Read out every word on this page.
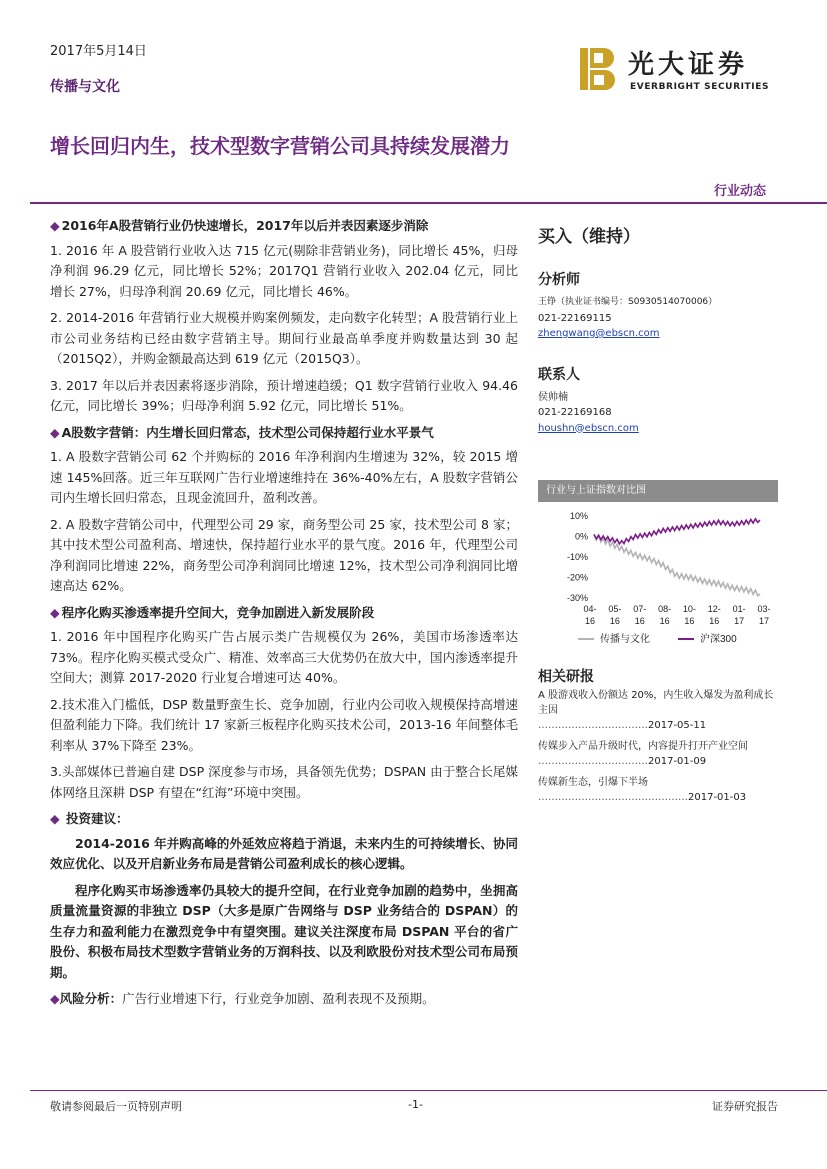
2017年5月14日
传播与文化
光大证券
EVERBRIGHT SECURITIES
增长回归内生，技术型数字营销公司具持续发展潜力
行业动态
◆ 2016年A股营销行业仍快速增长，2017年以后并表因素逐步消除

1. 2016 年 A 股营销行业收入达 715 亿元(剔除非营销业务)，同比增长 45%，归母净利润 96.29 亿元，同比增长 52%；2017Q1 营销行业收入 202.04 亿元，同比增长 27%，归母净利润 20.69 亿元，同比增长 46%。

2. 2014-2016 年营销行业大规模并购案例频发，走向数字化转型；A 股营销行业上市公司业务结构已经由数字营销主导。期间行业最高单季度并购数量达到 30 起（2015Q2），并购金额最高达到 619 亿元（2015Q3）。

3. 2017 年以后并表因素将逐步消除，预计增速趋缓；Q1 数字营销行业收入 94.46 亿元，同比增长 39%；归母净利润 5.92 亿元，同比增长 51%。

◆ A股数字营销：内生增长回归常态，技术型公司保持超行业水平景气

1. A 股数字营销公司 62 个并购标的 2016 年净利润内生增速为 32%，较 2015 增速 145%回落。近三年互联网广告行业增速维持在 36%-40%左右，A 股数字营销公司内生增长回归常态，且现金流回升，盈利改善。

2. A 股数字营销公司中，代理型公司 29 家，商务型公司 25 家，技术型公司 8 家；其中技术型公司盈利高、增速快，保持超行业水平的景气度。2016 年，代理型公司净利润同比增速 22%，商务型公司净利润同比增速 12%，技术型公司净利润同比增速高达 62%。

◆ 程序化购买渗透率提升空间大，竞争加剧进入新发展阶段

1. 2016 年中国程序化购买广告占展示类广告规模仅为 26%，美国市场渗透率达 73%。程序化购买模式受众广、精准、效率高三大优势仍在放大中，国内渗透率提升空间大；测算 2017-2020 行业复合增速可达 40%。

2.技术准入门槛低，DSP 数量野蛮生长、竞争加剧，行业内公司收入规模保持高增速但盈利能力下降。我们统计 17 家新三板程序化购买技术公司，2013-16 年间整体毛利率从 37%下降至 23%。

3.头部媒体已普遍自建 DSP 深度参与市场，具备领先优势；DSPAN 由于整合长尾媒体网络且深耕 DSP 有望在“红海”环境中突围。

◆ 投资建议：

2014-2016 年并购高峰的外延效应将趋于消退，未来内生的可持续增长、协同效应优化、以及开启新业务布局是营销公司盈利成长的核心逻辑。

程序化购买市场渗透率仍具较大的提升空间，在行业竞争加剧的趋势中，坐拥高质量流量资源的非独立 DSP（大多是原广告网络与 DSP 业务结合的 DSPAN）的生存力和盈利能力在激烈竞争中有望突围。建议关注深度布局 DSPAN 平台的省广股份、积极布局技术型数字营销业务的万润科技、以及利欧股份对技术型公司布局预期。

◆风险分析：广告行业增速下行，行业竞争加剧、盈利表现不及预期。
买入（维持）
分析师
王铮（执业证书编号：S0930514070006）
021-22169115
zhengwang@ebscn.com
联系人
侯帅楠
021-22169168
houshn@ebscn.com
行业与上证指数对比图
10%
0%
-10%
-20%
-30%
04-
16
05-
16
07-
16
08-
16
10-
16
12-
16
01-
17
03-
17
传播与文化	沪深300
相关研报
A 股游戏收入份额达 20%，内生收入爆发为盈利成长主因
……………………………2017-05-11
传媒步入产品升级时代，内容提升打开产业空间
……………………………2017-01-09
传媒新生态，引爆下半场
………………………………………2017-01-03
敬请参阅最后一页特别声明	-1-	证券研究报告
